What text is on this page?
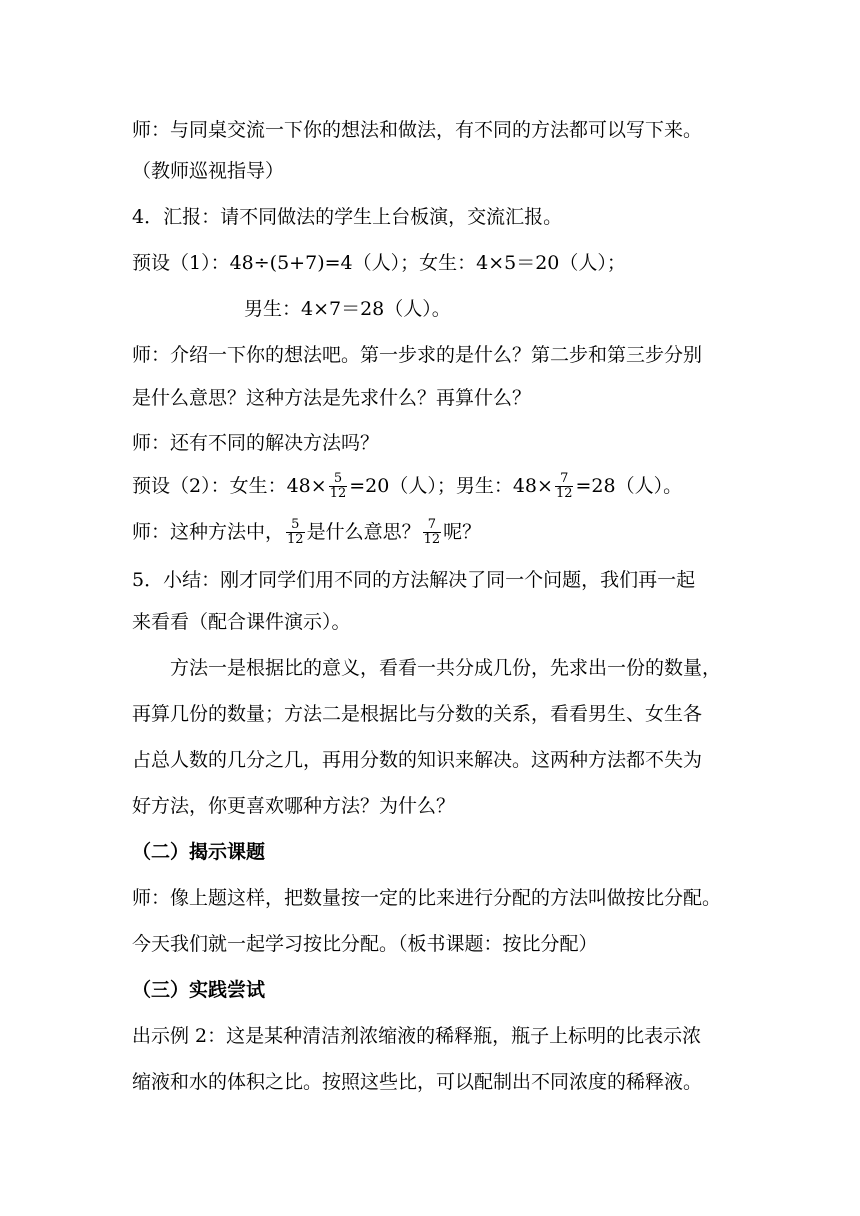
师：与同桌交流一下你的想法和做法，有不同的方法都可以写下来。
（教师巡视指导）
4．汇报：请不同做法的学生上台板演，交流汇报。
预设（1）：48÷(5+7)=4（人）；女生：4×5＝20（人）；
男生：4×7＝28（人）。
师：介绍一下你的想法吧。第一步求的是什么？第二步和第三步分别
是什么意思？这种方法是先求什么？再算什么？
师：还有不同的解决方法吗？
预设（2）：女生：$48\times \frac{5}{12} =20$（人）；男生：$48\times \frac{7}{12} =28$（人）。
师：这种方法中， $\frac{5}{12}$ 是什么意思？ $\frac{7}{12}$ 呢？
5．小结：刚才同学们用不同的方法解决了同一个问题，我们再一起
来看看（配合课件演示）。
方法一是根据比的意义，看看一共分成几份，先求出一份的数量，
再算几份的数量；方法二是根据比与分数的关系，看看男生、女生各
占总人数的几分之几，再用分数的知识来解决。这两种方法都不失为
好方法，你更喜欢哪种方法？为什么？
（二）揭示课题
师：像上题这样，把数量按一定的比来进行分配的方法叫做按比分配。
今天我们就一起学习按比分配。（板书课题：按比分配）
（三）实践尝试
出示例 2：这是某种清洁剂浓缩液的稀释瓶，瓶子上标明的比表示浓
缩液和水的体积之比。按照这些比，可以配制出不同浓度的稀释液。
